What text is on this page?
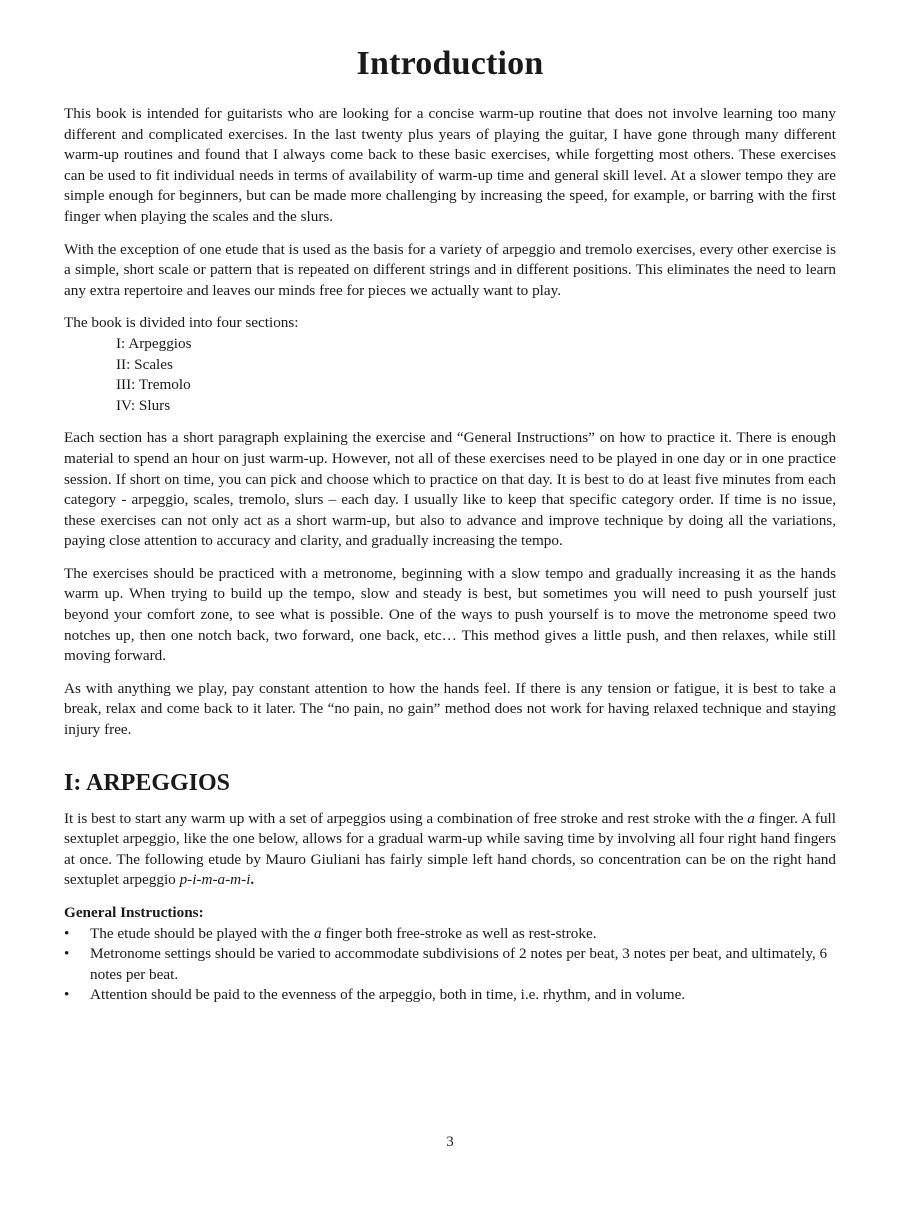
Introduction

This book is intended for guitarists who are looking for a concise warm-up routine that does not involve learning too many different and complicated exercises. In the last twenty plus years of playing the guitar, I have gone through many different warm-up routines and found that I always come back to these basic exercises, while forgetting most others. These exercises can be used to fit individual needs in terms of availability of warm-up time and general skill level. At a slower tempo they are simple enough for beginners, but can be made more challenging by increasing the speed, for example, or barring with the first finger when playing the scales and the slurs.

With the exception of one etude that is used as the basis for a variety of arpeggio and tremolo exercises, every other exercise is a simple, short scale or pattern that is repeated on different strings and in different positions. This eliminates the need to learn any extra repertoire and leaves our minds free for pieces we actually want to play.

The book is divided into four sections:

I: Arpeggios
II: Scales
III: Tremolo
IV: Slurs

Each section has a short paragraph explaining the exercise and “General Instructions” on how to practice it. There is enough material to spend an hour on just warm-up. However, not all of these exercises need to be played in one day or in one practice session. If short on time, you can pick and choose which to practice on that day. It is best to do at least five minutes from each category - arpeggio, scales, tremolo, slurs – each day. I usually like to keep that specific category order. If time is no issue, these exercises can not only act as a short warm-up, but also to advance and improve technique by doing all the variations, paying close attention to accuracy and clarity, and gradually increasing the tempo.

The exercises should be practiced with a metronome, beginning with a slow tempo and gradually increasing it as the hands warm up. When trying to build up the tempo, slow and steady is best, but sometimes you will need to push yourself just beyond your comfort zone, to see what is possible. One of the ways to push yourself is to move the metronome speed two notches up, then one notch back, two forward, one back, etc… This method gives a little push, and then relaxes, while still moving forward.

As with anything we play, pay constant attention to how the hands feel. If there is any tension or fatigue, it is best to take a break, relax and come back to it later. The “no pain, no gain” method does not work for having relaxed technique and staying injury free.

I: ARPEGGIOS

It is best to start any warm up with a set of arpeggios using a combination of free stroke and rest stroke with the a finger. A full sextuplet arpeggio, like the one below, allows for a gradual warm-up while saving time by involving all four right hand fingers at once. The following etude by Mauro Giuliani has fairly simple left hand chords, so concentration can be on the right hand sextuplet arpeggio p-i-m-a-m-i.

General Instructions:
• The etude should be played with the a finger both free-stroke as well as rest-stroke.
• Metronome settings should be varied to accommodate subdivisions of 2 notes per beat, 3 notes per beat, and ultimately, 6 notes per beat.
• Attention should be paid to the evenness of the arpeggio, both in time, i.e. rhythm, and in volume.
3
